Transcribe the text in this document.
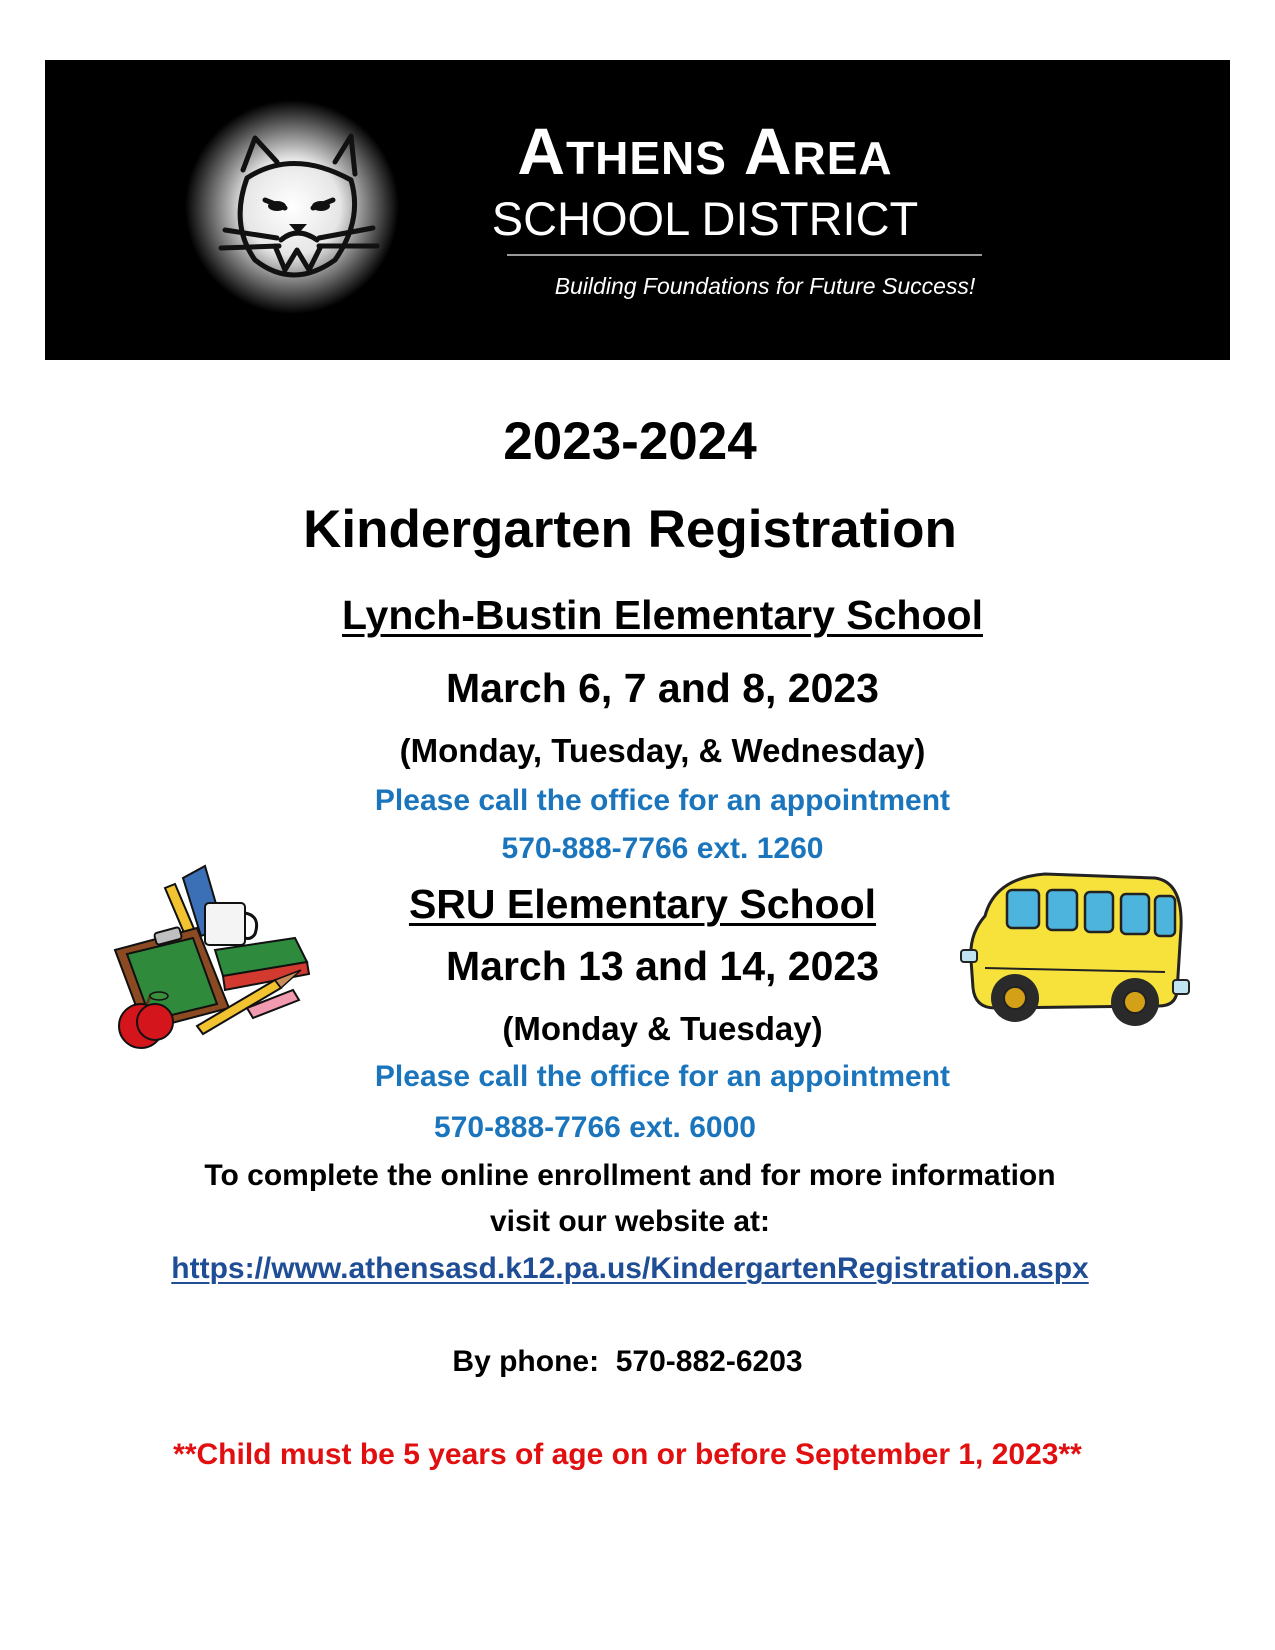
Athens Area
SCHOOL DISTRICT
Building Foundations for Future Success!
2023-2024
Kindergarten Registration
Lynch-Bustin Elementary School
March 6, 7 and 8, 2023
(Monday, Tuesday, & Wednesday)
Please call the office for an appointment
570-888-7766 ext. 1260
SRU Elementary School
March 13 and 14, 2023
(Monday & Tuesday)
Please call the office for an appointment
570-888-7766 ext. 6000
To complete the online enrollment and for more information
visit our website at:
https://www.athensasd.k12.pa.us/KindergartenRegistration.aspx
By phone:  570-882-6203
**Child must be 5 years of age on or before September 1, 2023**
